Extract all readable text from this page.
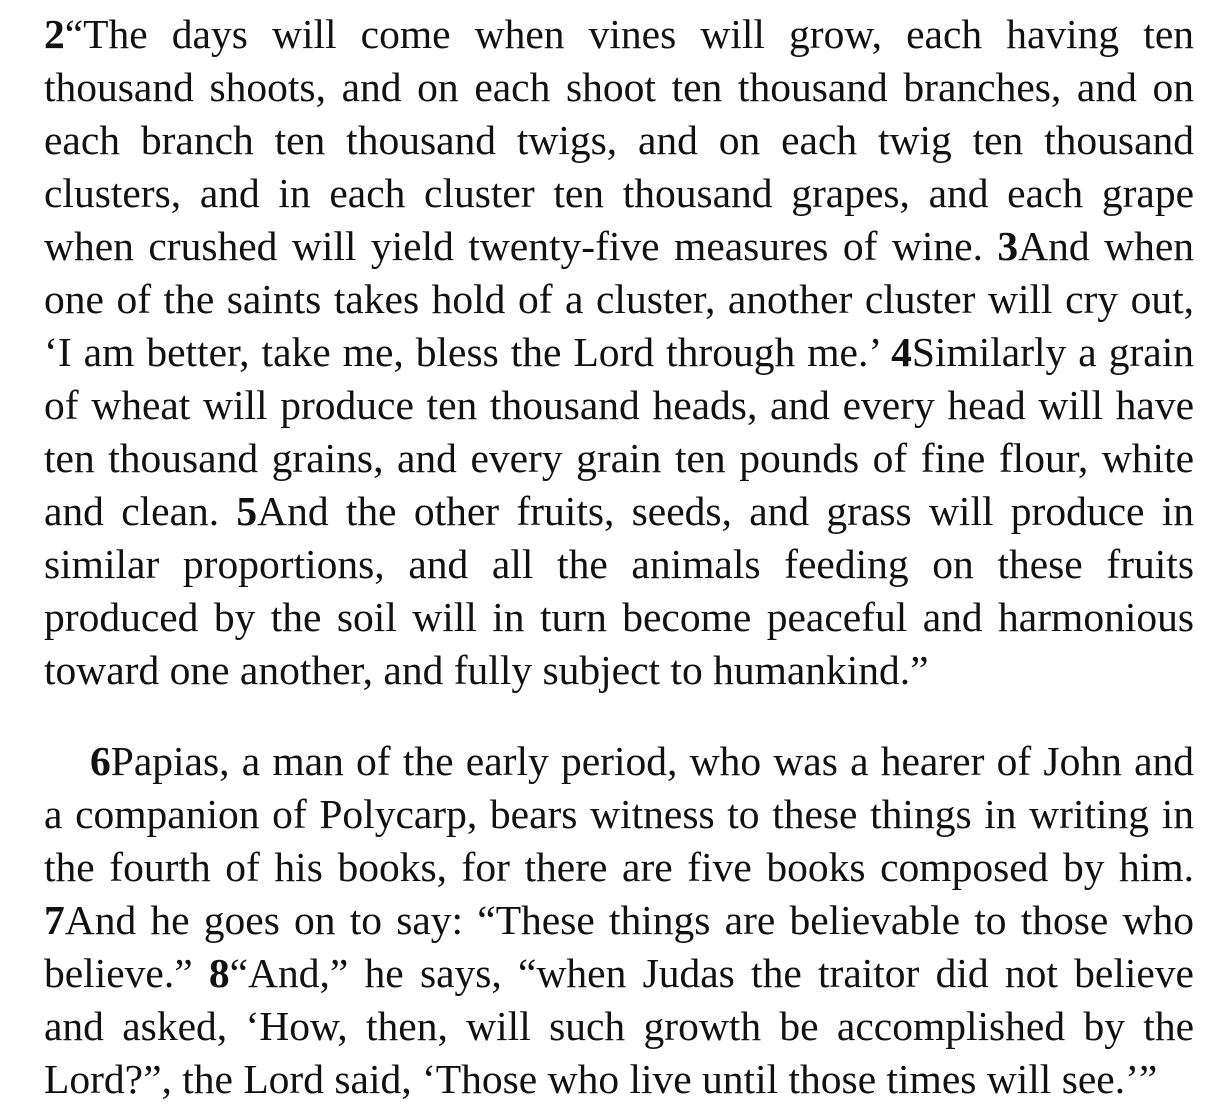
2“The days will come when vines will grow, each having ten thousand shoots, and on each shoot ten thousand branches, and on each branch ten thousand twigs, and on each twig ten thousand clusters, and in each cluster ten thousand grapes, and each grape when crushed will yield twenty-five measures of wine. 3And when one of the saints takes hold of a cluster, another cluster will cry out, ‘I am better, take me, bless the Lord through me.’ 4Similarly a grain of wheat will produce ten thousand heads, and every head will have ten thousand grains, and every grain ten pounds of fine flour, white and clean. 5And the other fruits, seeds, and grass will produce in similar proportions, and all the animals feeding on these fruits produced by the soil will in turn become peaceful and harmonious toward one another, and fully subject to humankind.”

6Papias, a man of the early period, who was a hearer of John and a companion of Polycarp, bears witness to these things in writing in the fourth of his books, for there are five books composed by him. 7And he goes on to say: “These things are believable to those who believe.” 8“And,” he says, “when Judas the traitor did not believe and asked, ‘How, then, will such growth be accomplished by the Lord?”, the Lord said, ‘Those who live until those times will see.’”
